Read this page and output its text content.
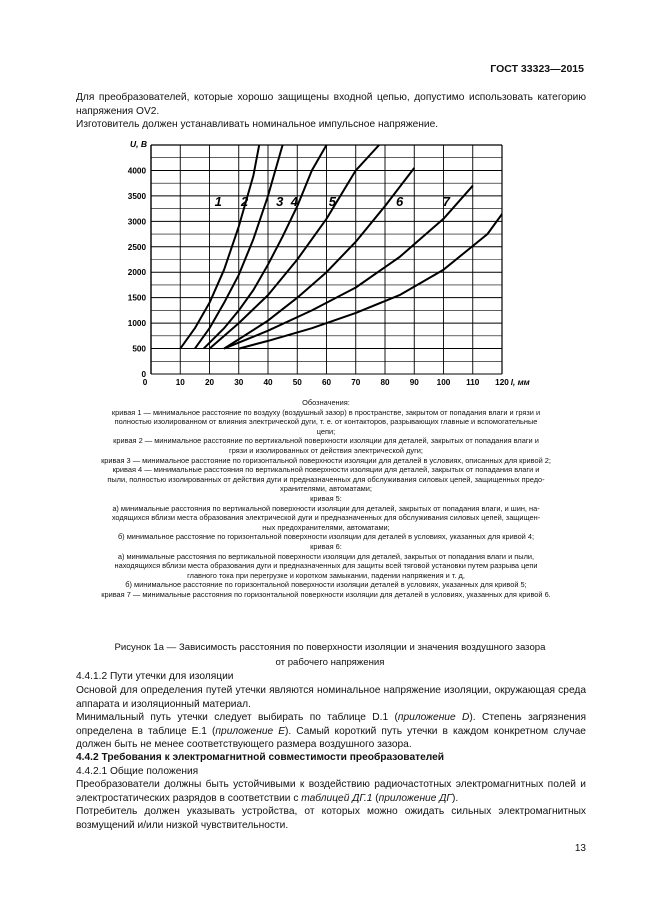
ГОСТ 33323—2015

Для преобразователей, которые хорошо защищены входной цепью, допустимо использовать категорию напряжения OV2.

Изготовитель должен устанавливать номинальное импульсное напряжение.

0
500
1000
1500
2000
2500
3000
3500
4000
0	10 20 30 40 50 60 70 80 90 100 110 120
U, В
l, мм
1 2 3 4 5	6	7
Обозначения:
кривая 1 — минимальное расстояние по воздуху (воздушный зазор) в пространстве, закрытом от попадания влаги и грязи и
полностью изолированном от влияния электрической дуги, т. е. от контакторов, разрывающих главные и вспомогательные
цепи;
кривая 2 — минимальное расстояние по вертикальной поверхности изоляции для деталей, закрытых от попадания влаги и
грязи и изолированных от действия электрической дуги;
кривая 3 — минимальное расстояние по горизонтальной поверхности изоляции для деталей в условиях, описанных для кривой 2;
кривая 4 — минимальные расстояния по вертикальной поверхности изоляции для деталей, закрытых от попадания влаги и
пыли, полностью изолированных от действия дуги и предназначенных для обслуживания силовых цепей, защищенных предо-
хранителями, автоматами;
кривая 5:
а) минимальные расстояния по вертикальной поверхности изоляции для деталей, закрытых от попадания влаги, и шин, на-
ходящихся вблизи места образования электрической дуги и предназначенных для обслуживания силовых цепей, защищен-
ных предохранителями, автоматами;
б) минимальное расстояние по горизонтальной поверхности изоляции для деталей в условиях, указанных для кривой 4;
кривая 6:
а) минимальные расстояния по вертикальной поверхности изоляции для деталей, закрытых от попадания влаги и пыли,
находящихся вблизи места образования дуги и предназначенных для защиты всей тяговой установки путем разрыва цепи
главного тока при перегрузке и коротком замыкании, падении напряжения и т. д,
б) минимальное расстояние по горизонтальной поверхности изоляции деталей в условиях, указанных для кривой 5;
кривая 7 — минимальные расстояния по горизонтальной поверхности изоляции для деталей в условиях, указанных для кривой 6.
Рисунок 1а — Зависимость расстояния по поверхности изоляции и значения воздушного зазора
от рабочего напряжения

4.4.1.2 Пути утечки для изоляции

Основой для определения путей утечки являются номинальное напряжение изоляции, окружающая среда аппарата и изоляционный материал.

Минимальный путь утечки следует выбирать по таблице D.1 (приложение D). Степень загрязнения определена в таблице Е.1 (приложение Е). Самый короткий путь утечки в каждом конкретном случае должен быть не менее соответствующего размера воздушного зазора.

4.4.2 Требования к электромагнитной совместимости преобразователей

4.4.2.1 Общие положения

Преобразователи должны быть устойчивыми к воздействию радиочастотных электромагнитных полей и электростатических разрядов в соответствии с таблицей ДГ.1 (приложение ДГ).

Потребитель должен указывать устройства, от которых можно ожидать сильных электромагнитных возмущений и/или низкой чувствительности.

13
